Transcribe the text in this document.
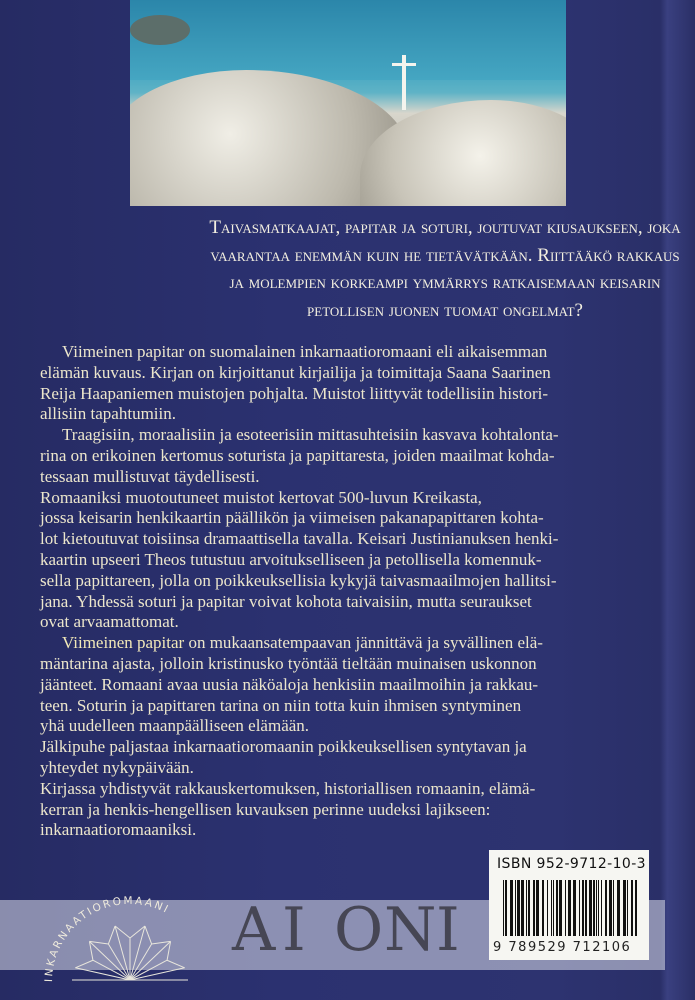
Taivasmatkaajat, papitar ja soturi, joutuvat kiusaukseen, joka
vaarantaa enemmän kuin he tietävätkään. Riittääkö rakkaus
ja molempien korkeampi ymmärrys ratkaisemaan keisarin
petollisen juonen tuomat ongelmat?
Viimeinen papitar on suomalainen inkarnaatioromaani eli aikaisemman
elämän kuvaus. Kirjan on kirjoittanut kirjailija ja toimittaja Saana Saarinen
Reija Haapaniemen muistojen pohjalta. Muistot liittyvät todellisiin histori-
allisiin tapahtumiin.
Traagisiin, moraalisiin ja esoteerisiin mittasuhteisiin kasvava kohtalonta-
rina on erikoinen kertomus soturista ja papittaresta, joiden maailmat kohda-
tessaan mullistuvat täydellisesti.
Romaaniksi muotoutuneet muistot kertovat 500-luvun Kreikasta,
jossa keisarin henkikaartin päällikön ja viimeisen pakanapapittaren kohta-
lot kietoutuvat toisiinsa dramaattisella tavalla. Keisari Justinianuksen henki-
kaartin upseeri Theos tutustuu arvoitukselliseen ja petollisella komennuk-
sella papittareen, jolla on poikkeuksellisia kykyjä taivasmaailmojen hallitsi-
jana. Yhdessä soturi ja papitar voivat kohota taivaisiin, mutta seuraukset
ovat arvaamattomat.
Viimeinen papitar on mukaansatempaavan jännittävä ja syvällinen elä-
mäntarina ajasta, jolloin kristinusko työntää tieltään muinaisen uskonnon
jäänteet. Romaani avaa uusia näköaloja henkisiin maailmoihin ja rakkau-
teen. Soturin ja papittaren tarina on niin totta kuin ihmisen syntyminen
yhä uudelleen maanpäälliseen elämään.
Jälkipuhe paljastaa inkarnaatioromaanin poikkeuksellisen syntytavan ja
yhteydet nykypäivään.
Kirjassa yhdistyvät rakkauskertomuksen, historiallisen romaanin, elämä-
kerran ja henkis-hengellisen kuvauksen perinne uudeksi lajikseen:
inkarnaatioromaaniksi.
A I O N I
ISBN 952-9712-10-3
9 789529 712106
INKARNAATIOROMAANI
